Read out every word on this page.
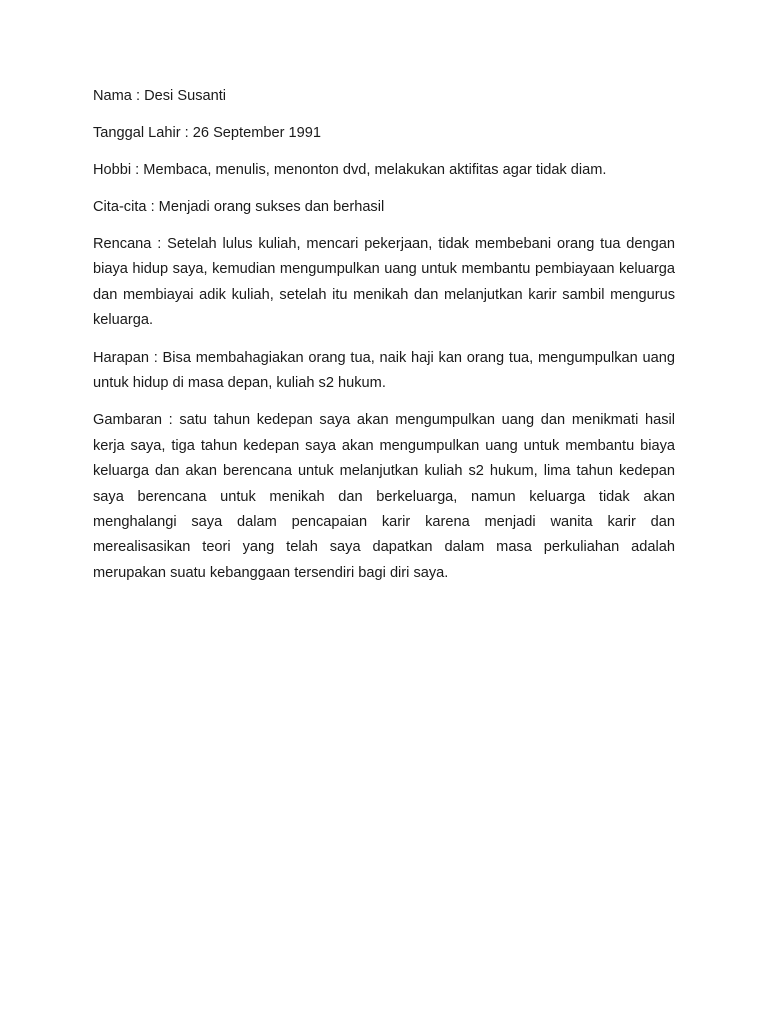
Nama : Desi Susanti

Tanggal Lahir : 26 September 1991

Hobbi : Membaca, menulis, menonton dvd, melakukan aktifitas agar tidak diam.

Cita-cita : Menjadi orang sukses dan berhasil

Rencana : Setelah lulus kuliah, mencari pekerjaan, tidak membebani orang tua dengan biaya hidup saya, kemudian mengumpulkan uang untuk membantu pembiayaan keluarga dan membiayai adik kuliah, setelah itu menikah dan melanjutkan karir sambil mengurus keluarga.

Harapan : Bisa membahagiakan orang tua, naik haji kan orang tua, mengumpulkan uang untuk hidup di masa depan, kuliah s2 hukum.

Gambaran : satu tahun kedepan saya akan mengumpulkan uang dan menikmati hasil kerja saya, tiga tahun kedepan saya akan mengumpulkan uang untuk membantu biaya keluarga dan akan berencana untuk melanjutkan kuliah s2 hukum, lima tahun kedepan saya berencana untuk menikah dan berkeluarga, namun keluarga tidak akan menghalangi saya dalam pencapaian karir karena menjadi wanita karir dan merealisasikan teori yang telah saya dapatkan dalam masa perkuliahan adalah merupakan suatu kebanggaan tersendiri bagi diri saya.
